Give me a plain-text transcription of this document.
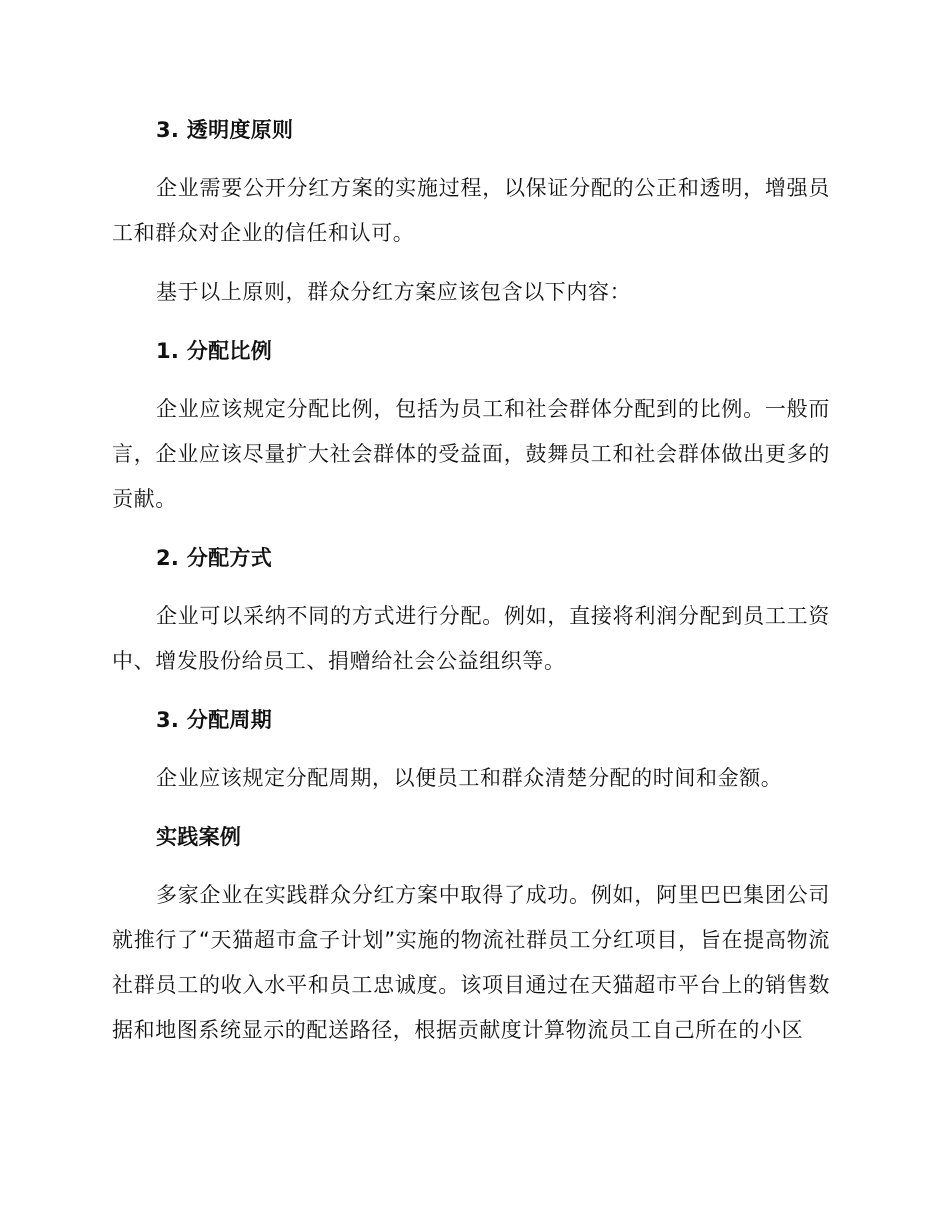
3. 透明度原则

企业需要公开分红方案的实施过程，以保证分配的公正和透明，增强员工和群众对企业的信任和认可。

基于以上原则，群众分红方案应该包含以下内容：

1. 分配比例

企业应该规定分配比例，包括为员工和社会群体分配到的比例。一般而言，企业应该尽量扩大社会群体的受益面，鼓舞员工和社会群体做出更多的贡献。

2. 分配方式

企业可以采纳不同的方式进行分配。例如，直接将利润分配到员工工资中、增发股份给员工、捐赠给社会公益组织等。

3. 分配周期

企业应该规定分配周期，以便员工和群众清楚分配的时间和金额。

实践案例

多家企业在实践群众分红方案中取得了成功。例如，阿里巴巴集团公司就推行了“天猫超市盒子计划”实施的物流社群员工分红项目，旨在提高物流社群员工的收入水平和员工忠诚度。该项目通过在天猫超市平台上的销售数据和地图系统显示的配送路径，根据贡献度计算物流员工自己所在的小区
